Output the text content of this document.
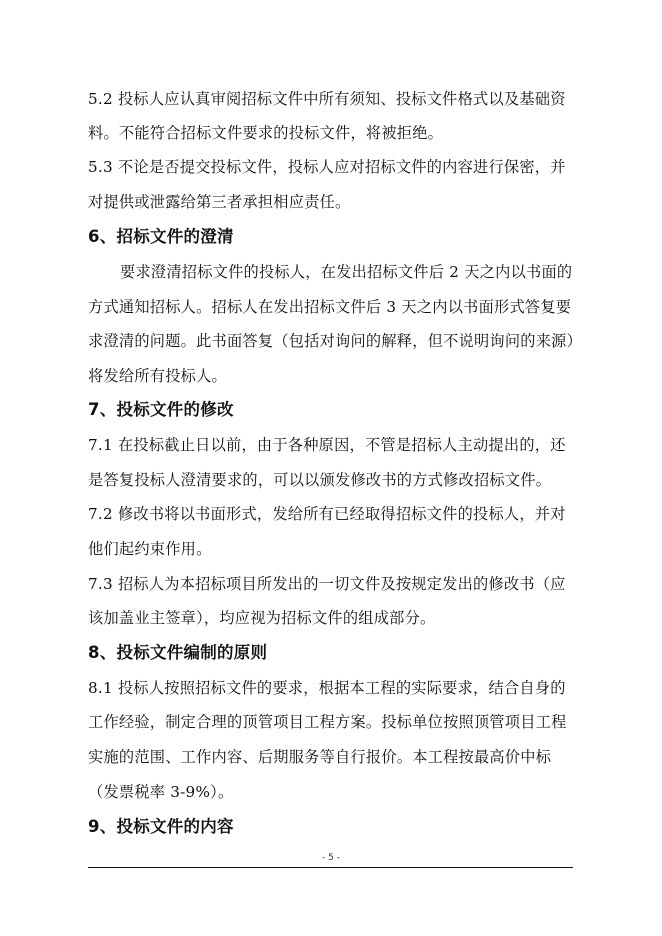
5.2 投标人应认真审阅招标文件中所有须知、投标文件格式以及基础资
料。不能符合招标文件要求的投标文件，将被拒绝。
5.3 不论是否提交投标文件，投标人应对招标文件的内容进行保密，并
对提供或泄露给第三者承担相应责任。
6、招标文件的澄清
要求澄清招标文件的投标人，在发出招标文件后 2 天之内以书面的
方式通知招标人。招标人在发出招标文件后 3 天之内以书面形式答复要
求澄清的问题。此书面答复（包括对询问的解释，但不说明询问的来源）
将发给所有投标人。
7、投标文件的修改
7.1 在投标截止日以前，由于各种原因，不管是招标人主动提出的，还
是答复投标人澄清要求的，可以以颁发修改书的方式修改招标文件。
7.2 修改书将以书面形式，发给所有已经取得招标文件的投标人，并对
他们起约束作用。
7.3 招标人为本招标项目所发出的一切文件及按规定发出的修改书（应
该加盖业主签章），均应视为招标文件的组成部分。
8、投标文件编制的原则
8.1 投标人按照招标文件的要求，根据本工程的实际要求，结合自身的
工作经验，制定合理的顶管项目工程方案。投标单位按照顶管项目工程
实施的范围、工作内容、后期服务等自行报价。本工程按最高价中标
（发票税率 3-9%）。
9、投标文件的内容
- 5 -
